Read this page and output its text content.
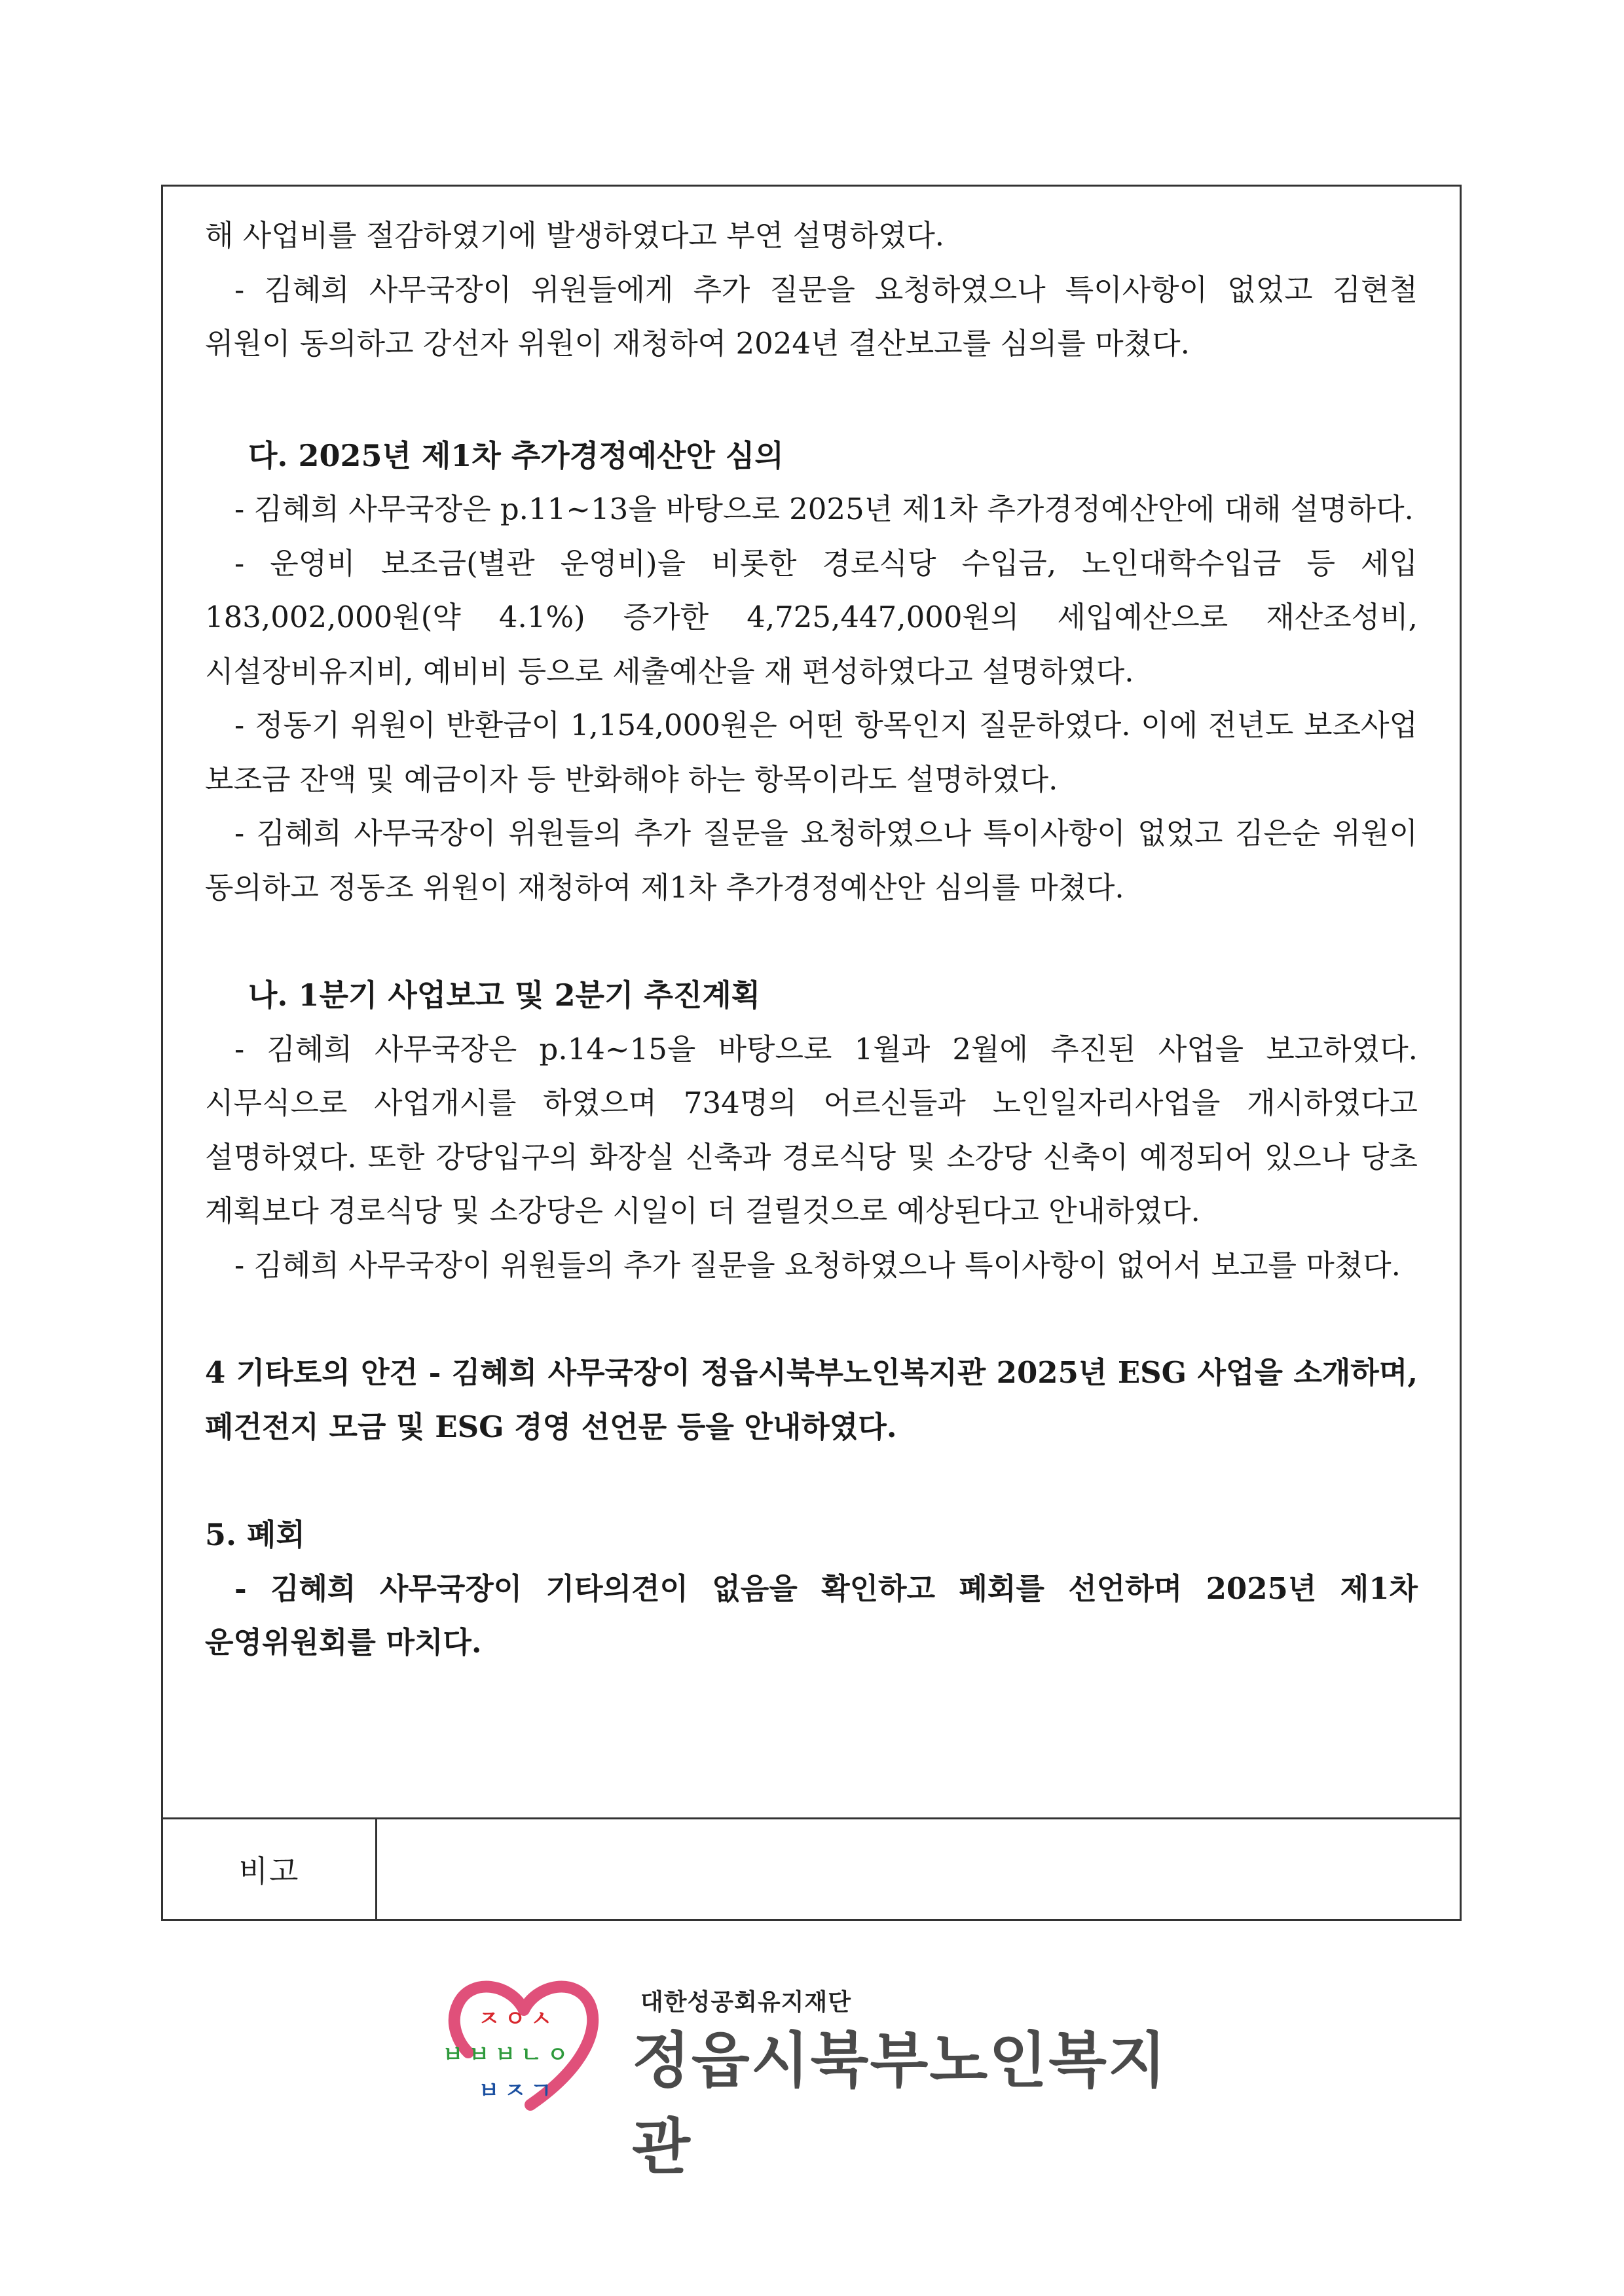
해 사업비를 절감하였기에 발생하였다고 부연 설명하였다.

- 김혜희 사무국장이 위원들에게 추가 질문을 요청하였으나 특이사항이 없었고 김현철 위원이 동의하고 강선자 위원이 재청하여 2024년 결산보고를 심의를 마쳤다.

다. 2025년 제1차 추가경정예산안 심의

- 김혜희 사무국장은 p.11~13을 바탕으로 2025년 제1차 추가경정예산안에 대해 설명하다.

- 운영비 보조금(별관 운영비)을 비롯한 경로식당 수입금, 노인대학수입금 등 세입 183,002,000원(약 4.1%) 증가한 4,725,447,000원의 세입예산으로 재산조성비, 시설장비유지비, 예비비 등으로 세출예산을 재 편성하였다고 설명하였다.

- 정동기 위원이 반환금이 1,154,000원은 어떤 항목인지 질문하였다. 이에 전년도 보조사업 보조금 잔액 및 예금이자 등 반화해야 하는 항목이라도 설명하였다.

- 김혜희 사무국장이 위원들의 추가 질문을 요청하였으나 특이사항이 없었고 김은순 위원이 동의하고 정동조 위원이 재청하여 제1차 추가경정예산안 심의를 마쳤다.

나. 1분기 사업보고 및 2분기 추진계획

- 김혜희 사무국장은 p.14~15을 바탕으로 1월과 2월에 추진된 사업을 보고하였다. 시무식으로 사업개시를 하였으며 734명의 어르신들과 노인일자리사업을 개시하였다고 설명하였다. 또한 강당입구의 화장실 신축과 경로식당 및 소강당 신축이 예정되어 있으나 당초 계획보다 경로식당 및 소강당은 시일이 더 걸릴것으로 예상된다고 안내하였다.

- 김혜희 사무국장이 위원들의 추가 질문을 요청하였으나 특이사항이 없어서 보고를 마쳤다.

4 기타토의 안건 - 김혜희 사무국장이 정읍시북부노인복지관 2025년 ESG 사업을 소개하며, 폐건전지 모금 및 ESG 경영 선언문 등을 안내하였다.

5. 폐회

- 김혜희 사무국장이 기타의견이 없음을 확인하고 폐회를 선언하며 2025년 제1차 운영위원회를 마치다.

비고
ㅈ ㅇ ㅅ
ㅂ ㅂ ㅂ ㄴ ㅇ
ㅂ ㅈ ㄱ
대한성공회유지재단
정읍시북부노인복지관
